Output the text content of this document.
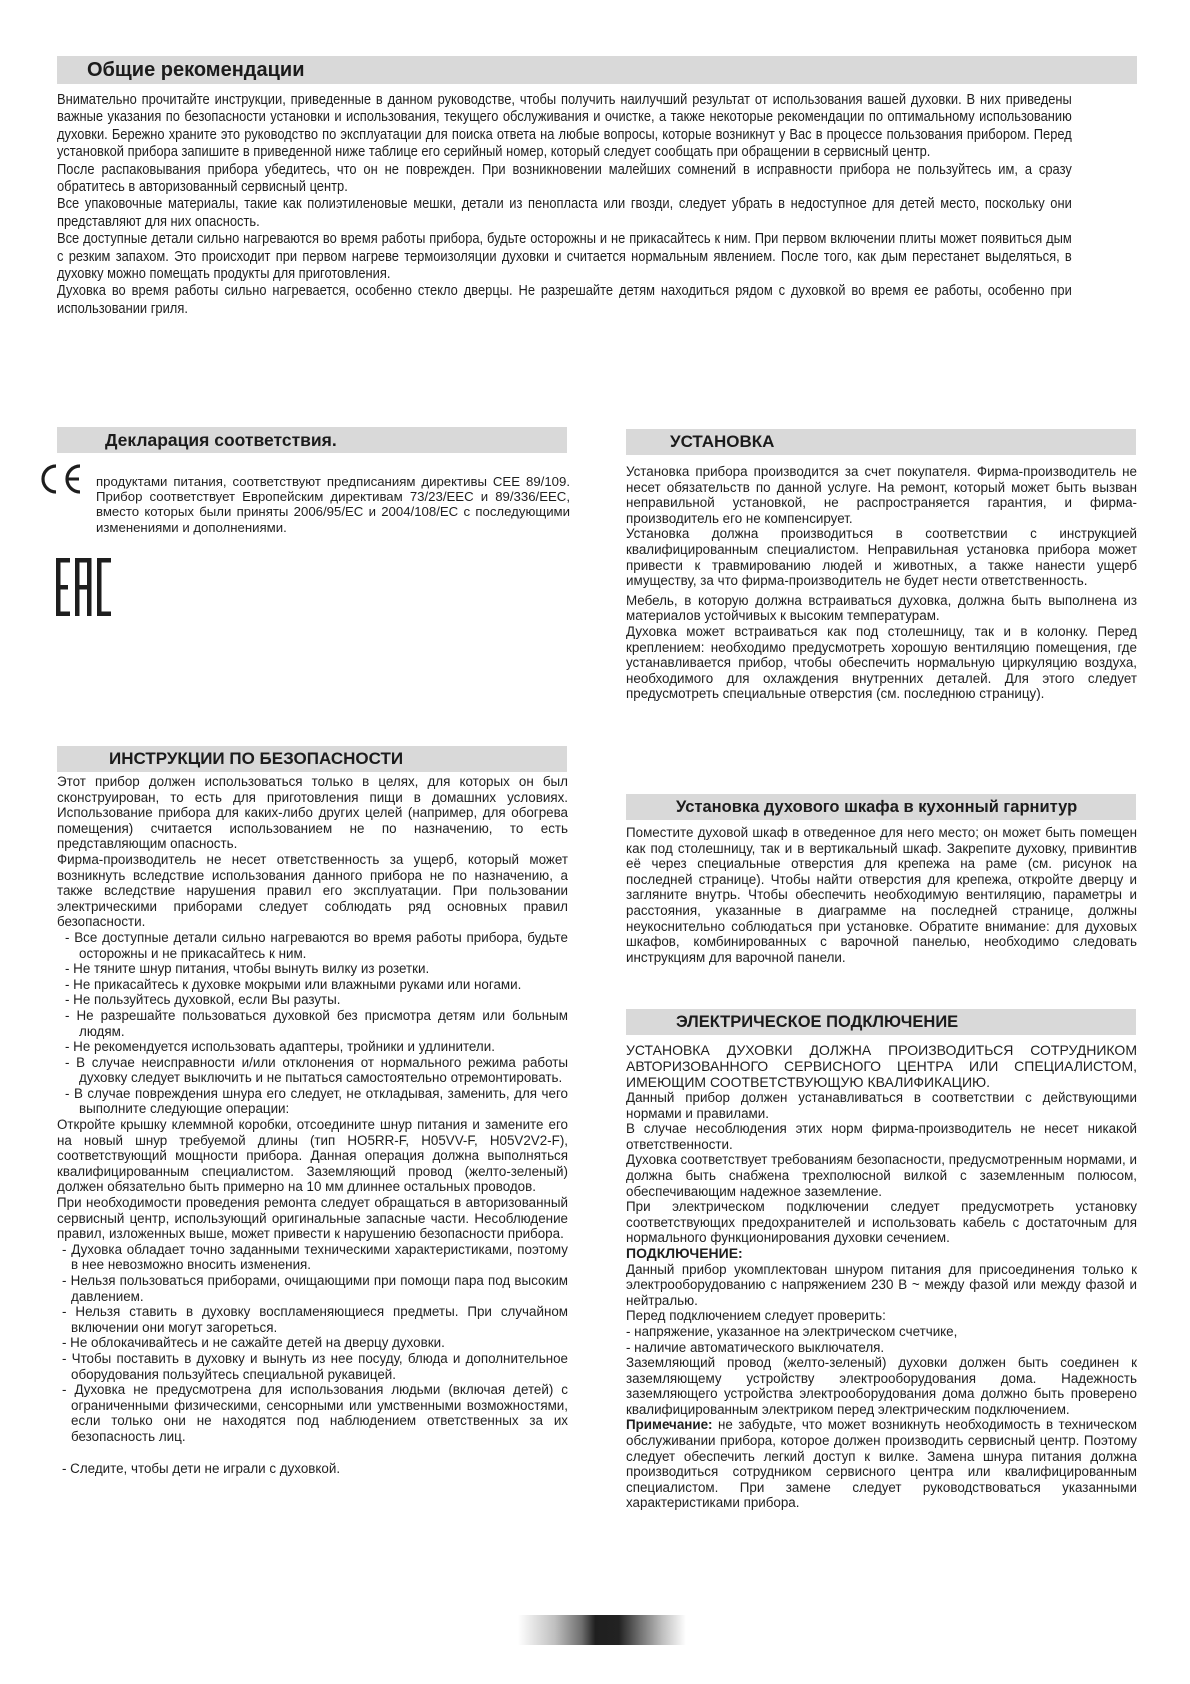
Общие рекомендации

Внимательно прочитайте инструкции, приведенные в данном руководстве, чтобы получить наилучший результат от использования вашей духовки. В них приведены важные указания по безопасности установки и использования, текущего обслуживания и очистке, а также некоторые рекомендации по оптимальному использованию духовки. Бережно храните это руководство по эксплуатации для поиска ответа на любые вопросы, которые возникнут у Вас в процессе пользования прибором. Перед установкой прибора запишите в приведенной ниже таблице его серийный номер, который следует сообщать при обращении в сервисный центр.

После распаковывания прибора убедитесь, что он не поврежден. При возникновении малейших сомнений в исправности прибора не пользуйтесь им, а сразу обратитесь в авторизованный сервисный центр.

Все упаковочные материалы, такие как полиэтиленовые мешки, детали из пенопласта или гвозди, следует убрать в недоступное для детей место, поскольку они представляют для них опасность.

Все доступные детали сильно нагреваются во время работы прибора, будьте осторожны и не прикасайтесь к ним. При первом включении плиты может появиться дым с резким запахом. Это происходит при первом нагреве термоизоляции духовки и считается нормальным явлением. После того, как дым перестанет выделяться, в духовку можно помещать продукты для приготовления.

Духовка во время работы сильно нагревается, особенно стекло дверцы. Не разрешайте детям находиться рядом с духовкой во время ее работы, особенно при использовании гриля.

Декларация соответствия.

продуктами питания, соответствуют предписаниям директивы CEE 89/109. Прибор соответствует Европейским директивам 73/23/EEC и 89/336/EEC, вместо которых были приняты 2006/95/EC и 2004/108/EC с последующими изменениями и дополнениями.

ИНСТРУКЦИИ ПО БЕЗОПАСНОСТИ

Этот прибор должен использоваться только в целях, для которых он был сконструирован, то есть для приготовления пищи в домашних условиях. Использование прибора для каких-либо других целей (например, для обогрева помещения) считается использованием не по назначению, то есть представляющим опасность.

Фирма-производитель не несет ответственность за ущерб, который может возникнуть вследствие использования данного прибора не по назначению, а также вследствие нарушения правил его эксплуатации. При пользовании электрическими приборами следует соблюдать ряд основных правил безопасности.

- Все доступные детали сильно нагреваются во время работы прибора, будьте осторожны и не прикасайтесь к ним.

- Не тяните шнур питания, чтобы вынуть вилку из розетки.

- Не прикасайтесь к духовке мокрыми или влажными руками или ногами.

- Не пользуйтесь духовкой, если Вы разуты.

- Не разрешайте пользоваться духовкой без присмотра детям или больным людям.

- Не рекомендуется использовать адаптеры, тройники и удлинители.

- В случае неисправности и/или отклонения от нормального режима работы духовку следует выключить и не пытаться самостоятельно отремонтировать.

- В случае повреждения шнура его следует, не откладывая, заменить, для чего выполните следующие операции:

Откройте крышку клеммной коробки, отсоедините шнур питания и замените его на новый шнур требуемой длины (тип HO5RR-F, H05VV-F, H05V2V2-F), соответствующий мощности прибора. Данная операция должна выполняться квалифицированным специалистом. Заземляющий провод (желто-зеленый) должен обязательно быть примерно на 10 мм длиннее остальных проводов.

При необходимости проведения ремонта следует обращаться в авторизованный сервисный центр, использующий оригинальные запасные части. Несоблюдение правил, изложенных выше, может привести к нарушению безопасности прибора.

- Духовка обладает точно заданными техническими характеристиками, поэтому в нее невозможно вносить изменения.

- Нельзя пользоваться приборами, очищающими при помощи пара под высоким давлением.

- Нельзя ставить в духовку воспламеняющиеся предметы. При случайном включении они могут загореться.

- Не облокачивайтесь и не сажайте детей на дверцу духовки.

- Чтобы поставить в духовку и вынуть из нее посуду, блюда и дополнительное оборудования пользуйтесь специальной рукавицей.

- Духовка не предусмотрена для использования людьми (включая детей) с ограниченными физическими, сенсорными или умственными возможностями, если только они не находятся под наблюдением ответственных за их безопасность лиц.

- Следите, чтобы дети не играли с духовкой.

УСТАНОВКА

Установка прибора производится за счет покупателя. Фирма-производитель не несет обязательств по данной услуге. На ремонт, который может быть вызван неправильной установкой, не распространяется гарантия, и фирма-производитель его не компенсирует.

Установка должна производиться в соответствии с инструкцией квалифицированным специалистом. Неправильная установка прибора может привести к травмированию людей и животных, а также нанести ущерб имуществу, за что фирма-производитель не будет нести ответственность.

Мебель, в которую должна встраиваться духовка, должна быть выполнена из материалов устойчивых к высоким температурам.

Духовка может встраиваться как под столешницу, так и в колонку. Перед креплением: необходимо предусмотреть хорошую вентиляцию помещения, где устанавливается прибор, чтобы обеспечить нормальную циркуляцию воздуха, необходимого для охлаждения внутренних деталей. Для этого следует предусмотреть специальные отверстия (см. последнюю страницу).

Установка духового шкафа в кухонный гарнитур

Поместите духовой шкаф в отведенное для него место; он может быть помещен как под столешницу, так и в вертикальный шкаф. Закрепите духовку, привинтив её через специальные отверстия для крепежа на раме (см. рисунок на последней странице). Чтобы найти отверстия для крепежа, откройте дверцу и загляните внутрь. Чтобы обеспечить необходимую вентиляцию, параметры и расстояния, указанные в диаграмме на последней странице, должны неукоснительно соблюдаться при установке. Обратите внимание: для духовых шкафов, комбинированных с варочной панелью, необходимо следовать инструкциям для варочной панели.

ЭЛЕКТРИЧЕСКОЕ ПОДКЛЮЧЕНИЕ

УСТАНОВКА ДУХОВКИ ДОЛЖНА ПРОИЗВОДИТЬСЯ СОТРУДНИКОМ АВТОРИЗОВАННОГО СЕРВИСНОГО ЦЕНТРА ИЛИ СПЕЦИАЛИСТОМ, ИМЕЮЩИМ СООТВЕТСТВУЮЩУЮ КВАЛИФИКАЦИЮ.

Данный прибор должен устанавливаться в соответствии с действующими нормами и правилами.

В случае несоблюдения этих норм фирма-производитель не несет никакой ответственности.

Духовка соответствует требованиям безопасности, предусмотренным нормами, и должна быть снабжена трехполюсной вилкой с заземленным полюсом, обеспечивающим надежное заземление.

При электрическом подключении следует предусмотреть установку соответствующих предохранителей и использовать кабель с достаточным для нормального функционирования духовки сечением.

ПОДКЛЮЧЕНИЕ:

Данный прибор укомплектован шнуром питания для присоединения только к электрооборудованию с напряжением 230 В ~ между фазой или между фазой и нейтралью.

Перед подключением следует проверить:

- напряжение, указанное на электрическом счетчике,

- наличие автоматического выключателя.

Заземляющий провод (желто-зеленый) духовки должен быть соединен к заземляющему устройству электрооборудования дома. Надежность заземляющего устройства электрооборудования дома должно быть проверено квалифицированным электриком перед электрическим подключением.

Примечание: не забудьте, что может возникнуть необходимость в техническом обслуживании прибора, которое должен производить сервисный центр. Поэтому следует обеспечить легкий доступ к вилке. Замена шнура питания должна производиться сотрудником сервисного центра или квалифицированным специалистом. При замене следует руководствоваться указанными характеристиками прибора.
